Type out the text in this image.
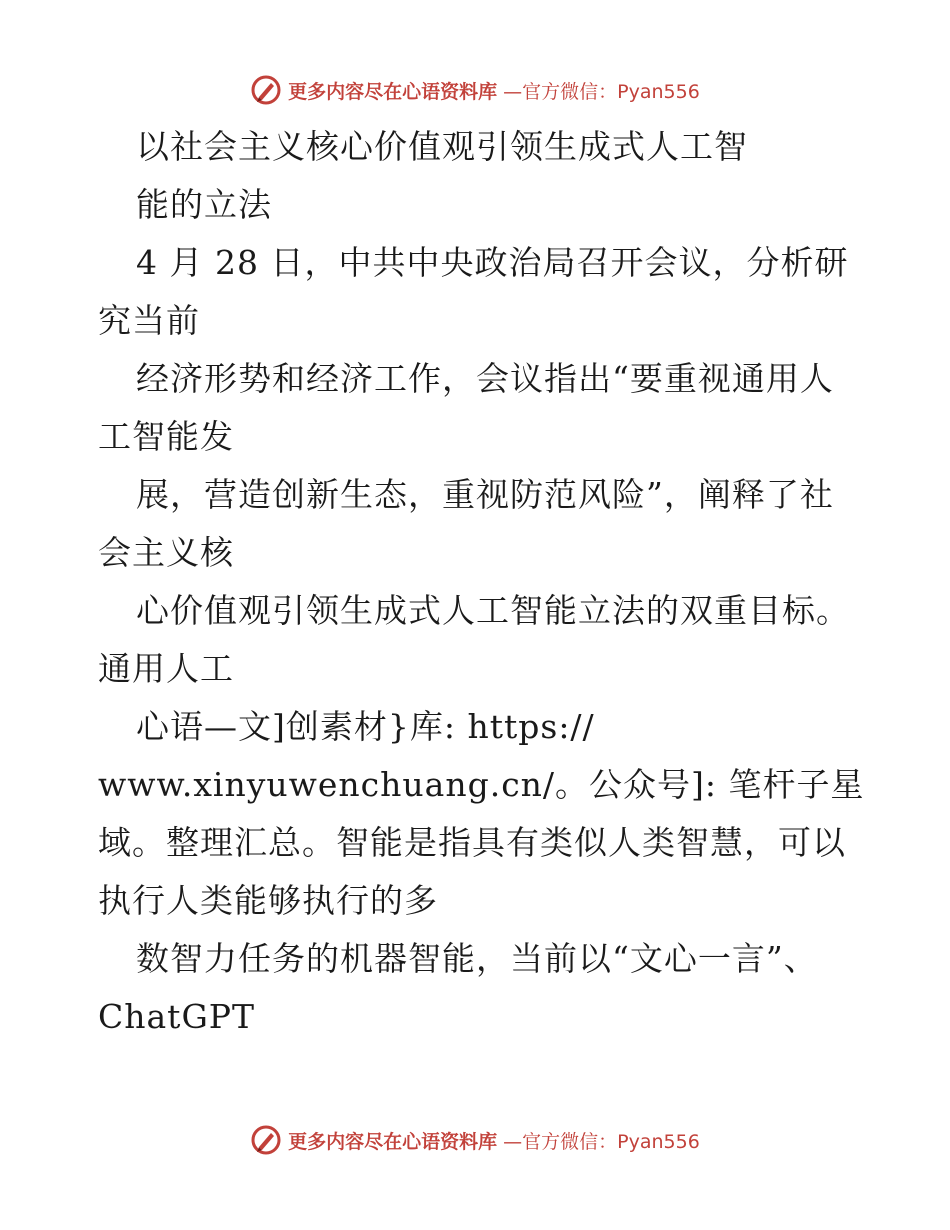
更多内容尽在心语资料库 —官方微信：Pyan556
以社会主义核心价值观引领生成式人工智
能的立法
4 月 28 日，中共中央政治局召开会议，分析研
究当前
经济形势和经济工作，会议指出“要重视通用人
工智能发
展，营造创新生态，重视防范风险”，阐释了社
会主义核
心价值观引领生成式人工智能立法的双重目标。
通用人工
心语—文]创素材}库: https://
www.xinyuwenchuang.cn/。公众号]: 笔杆子星
域。整理汇总。智能是指具有类似人类智慧，可以
执行人类能够执行的多
数智力任务的机器智能，当前以“文心一言”、
ChatGPT
更多内容尽在心语资料库 —官方微信：Pyan556
